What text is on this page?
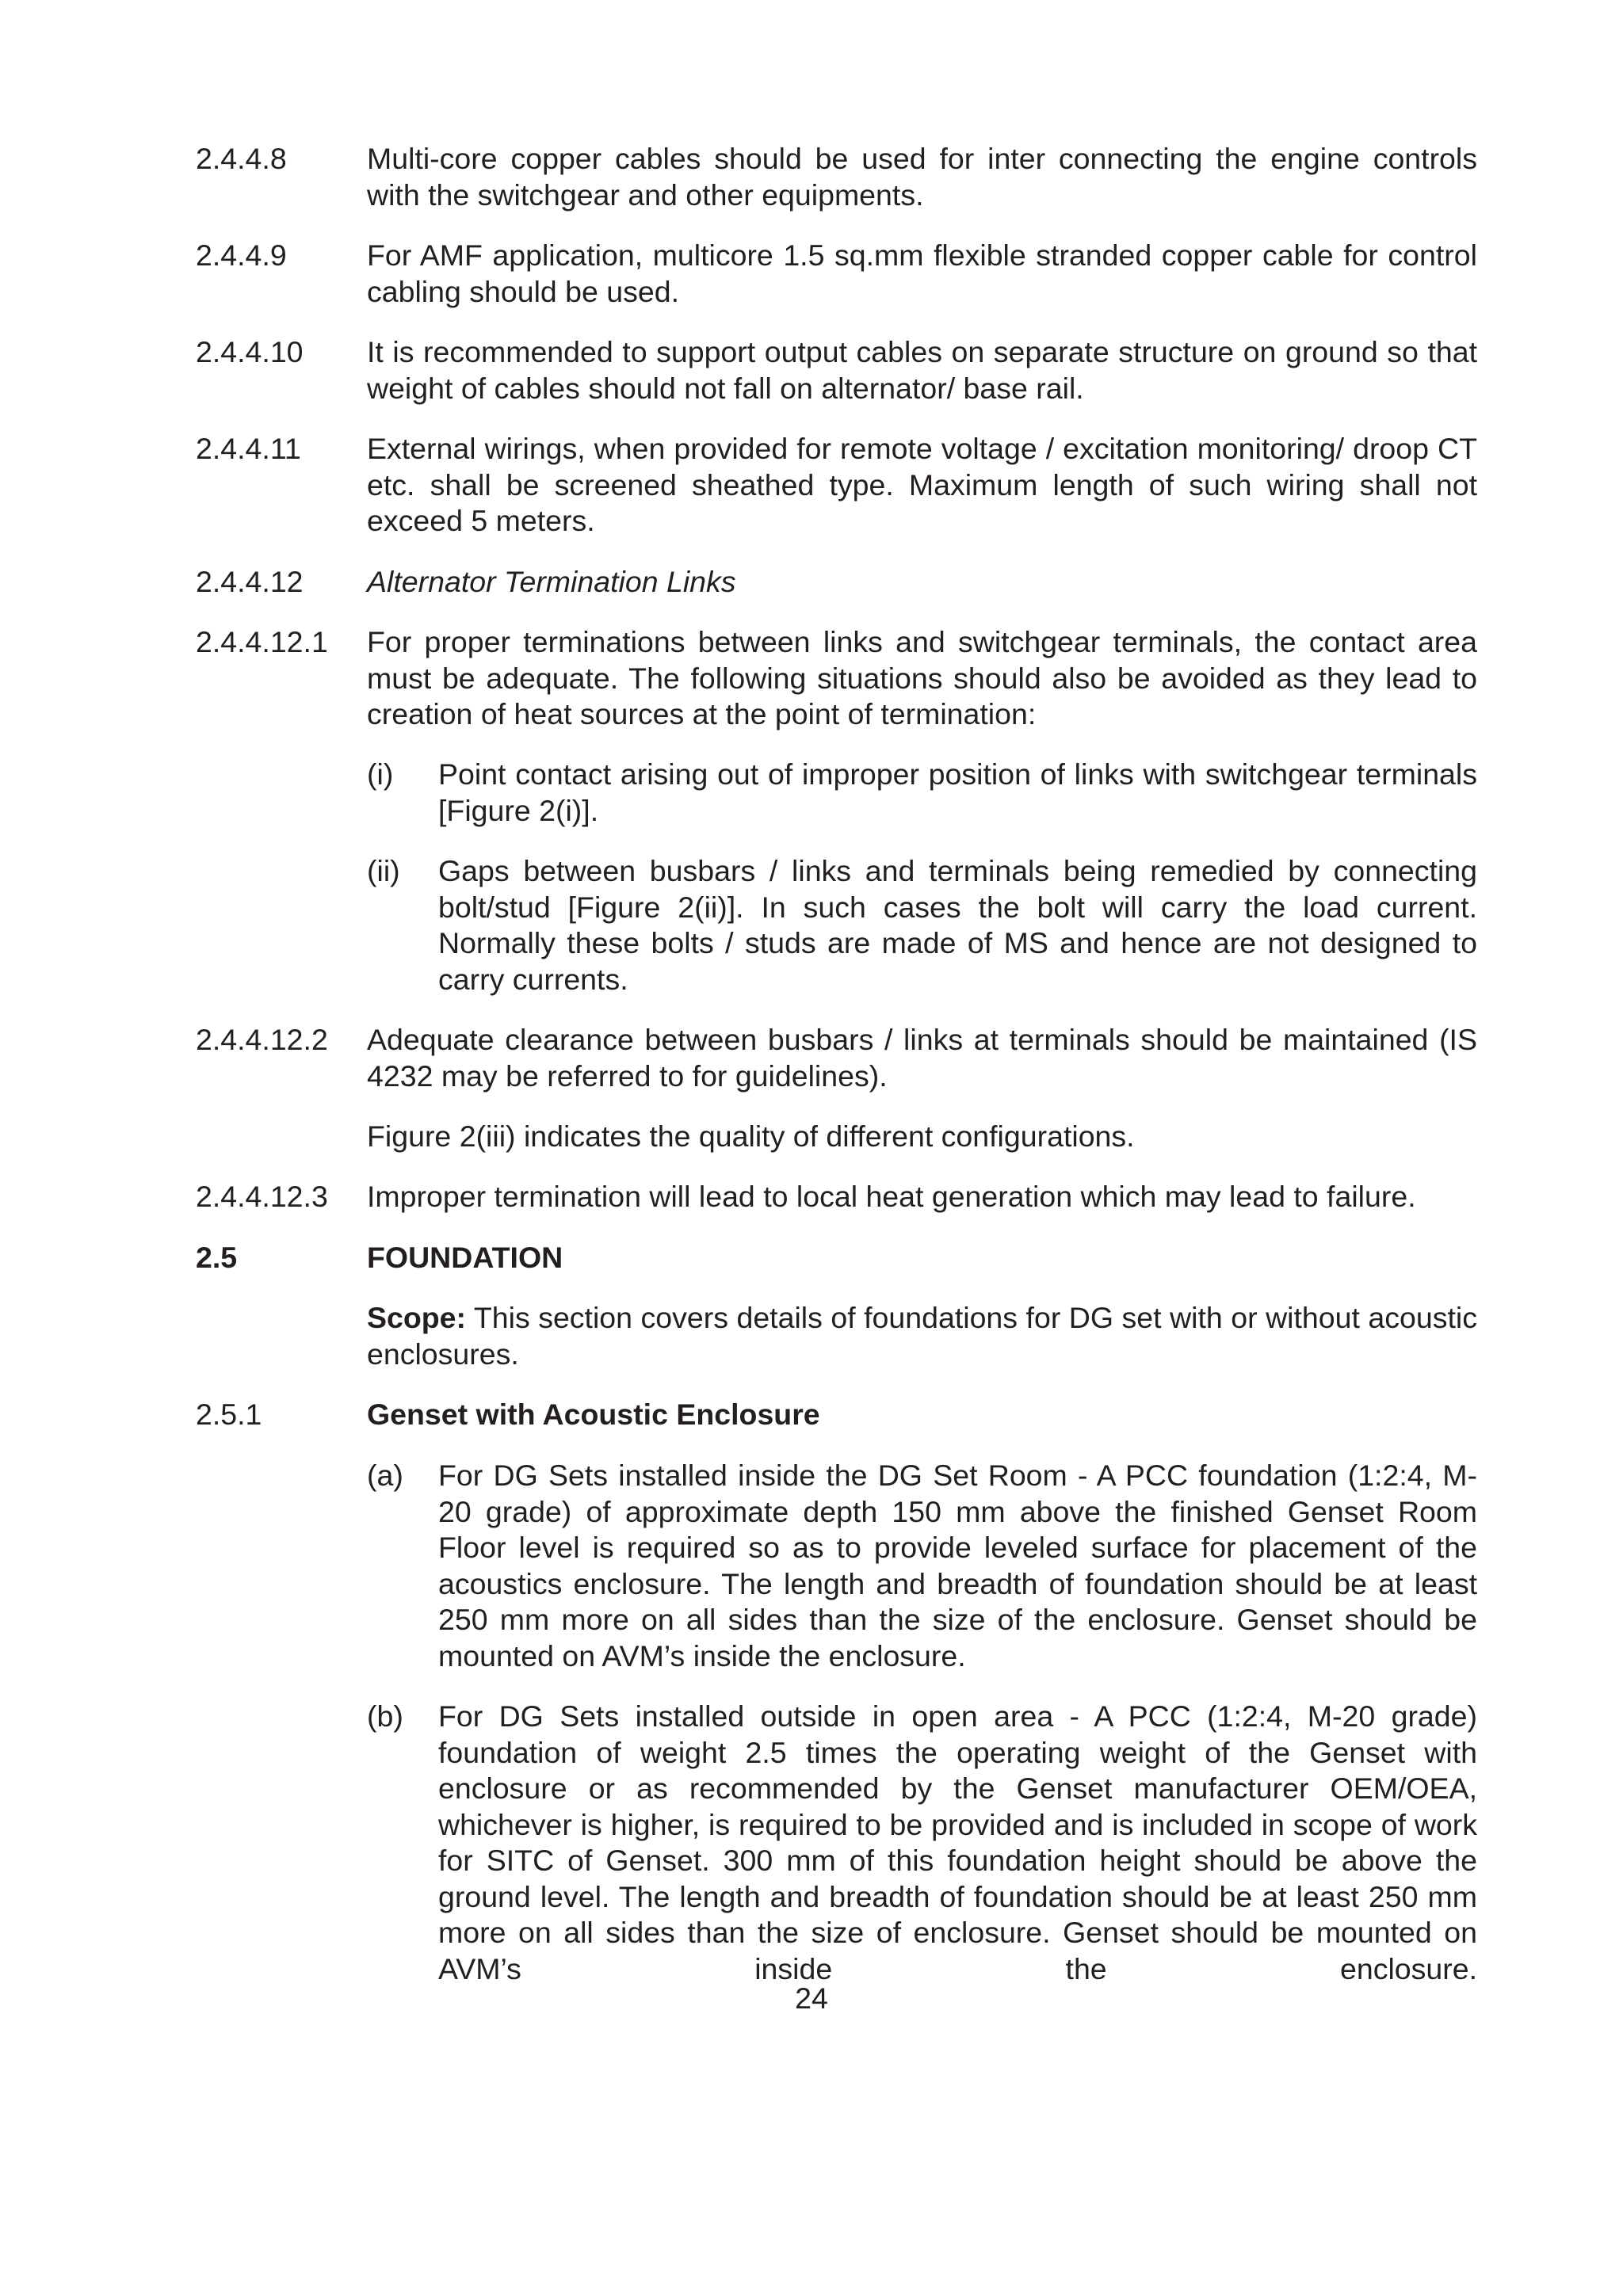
2.4.4.8	Multi-core copper cables should be used for inter connecting the engine controls with the switchgear and other equipments.
2.4.4.9	For AMF application, multicore 1.5 sq.mm flexible stranded copper cable for control cabling should be used.
2.4.4.10	It is recommended to support output cables on separate structure on ground so that weight of cables should not fall on alternator/ base rail.
2.4.4.11	External wirings, when provided for remote voltage / excitation monitoring/ droop CT etc. shall be screened sheathed type. Maximum length of such wiring shall not exceed 5 meters.
2.4.4.12	Alternator Termination Links
2.4.4.12.1	For proper terminations between links and switchgear terminals, the contact area must be adequate. The following situations should also be avoided as they lead to creation of heat sources at the point of termination:
(i)	Point contact arising out of improper position of links with switchgear terminals [Figure 2(i)].
(ii)	Gaps between busbars / links and terminals being remedied by connecting bolt/stud [Figure 2(ii)]. In such cases the bolt will carry the load current. Normally these bolts / studs are made of MS and hence are not designed to carry currents.
2.4.4.12.2	Adequate clearance between busbars / links at terminals should be maintained (IS 4232 may be referred to for guidelines).
Figure 2(iii) indicates the quality of different configurations.
2.4.4.12.3	Improper termination will lead to local heat generation which may lead to failure.
2.5	FOUNDATION
Scope: This section covers details of foundations for DG set with or without acoustic enclosures.
2.5.1	Genset with Acoustic Enclosure
(a)	For DG Sets installed inside the DG Set Room - A PCC foundation (1:2:4, M-20 grade) of approximate depth 150 mm above the finished Genset Room Floor level is required so as to provide leveled surface for placement of the acoustics enclosure. The length and breadth of foundation should be at least 250 mm more on all sides than the size of the enclosure. Genset should be mounted on AVM’s inside the enclosure.
(b)	For DG Sets installed outside in open area - A PCC (1:2:4, M-20 grade) foundation of weight 2.5 times the operating weight of the Genset with enclosure or as recommended by the Genset manufacturer OEM/OEA, whichever is higher, is required to be provided and is included in scope of work for SITC of Genset. 300 mm of this foundation height should be above the ground level. The length and breadth of foundation should be at least 250 mm more on all sides than the size of enclosure. Genset should be mounted on AVM’s inside the enclosure.
24
